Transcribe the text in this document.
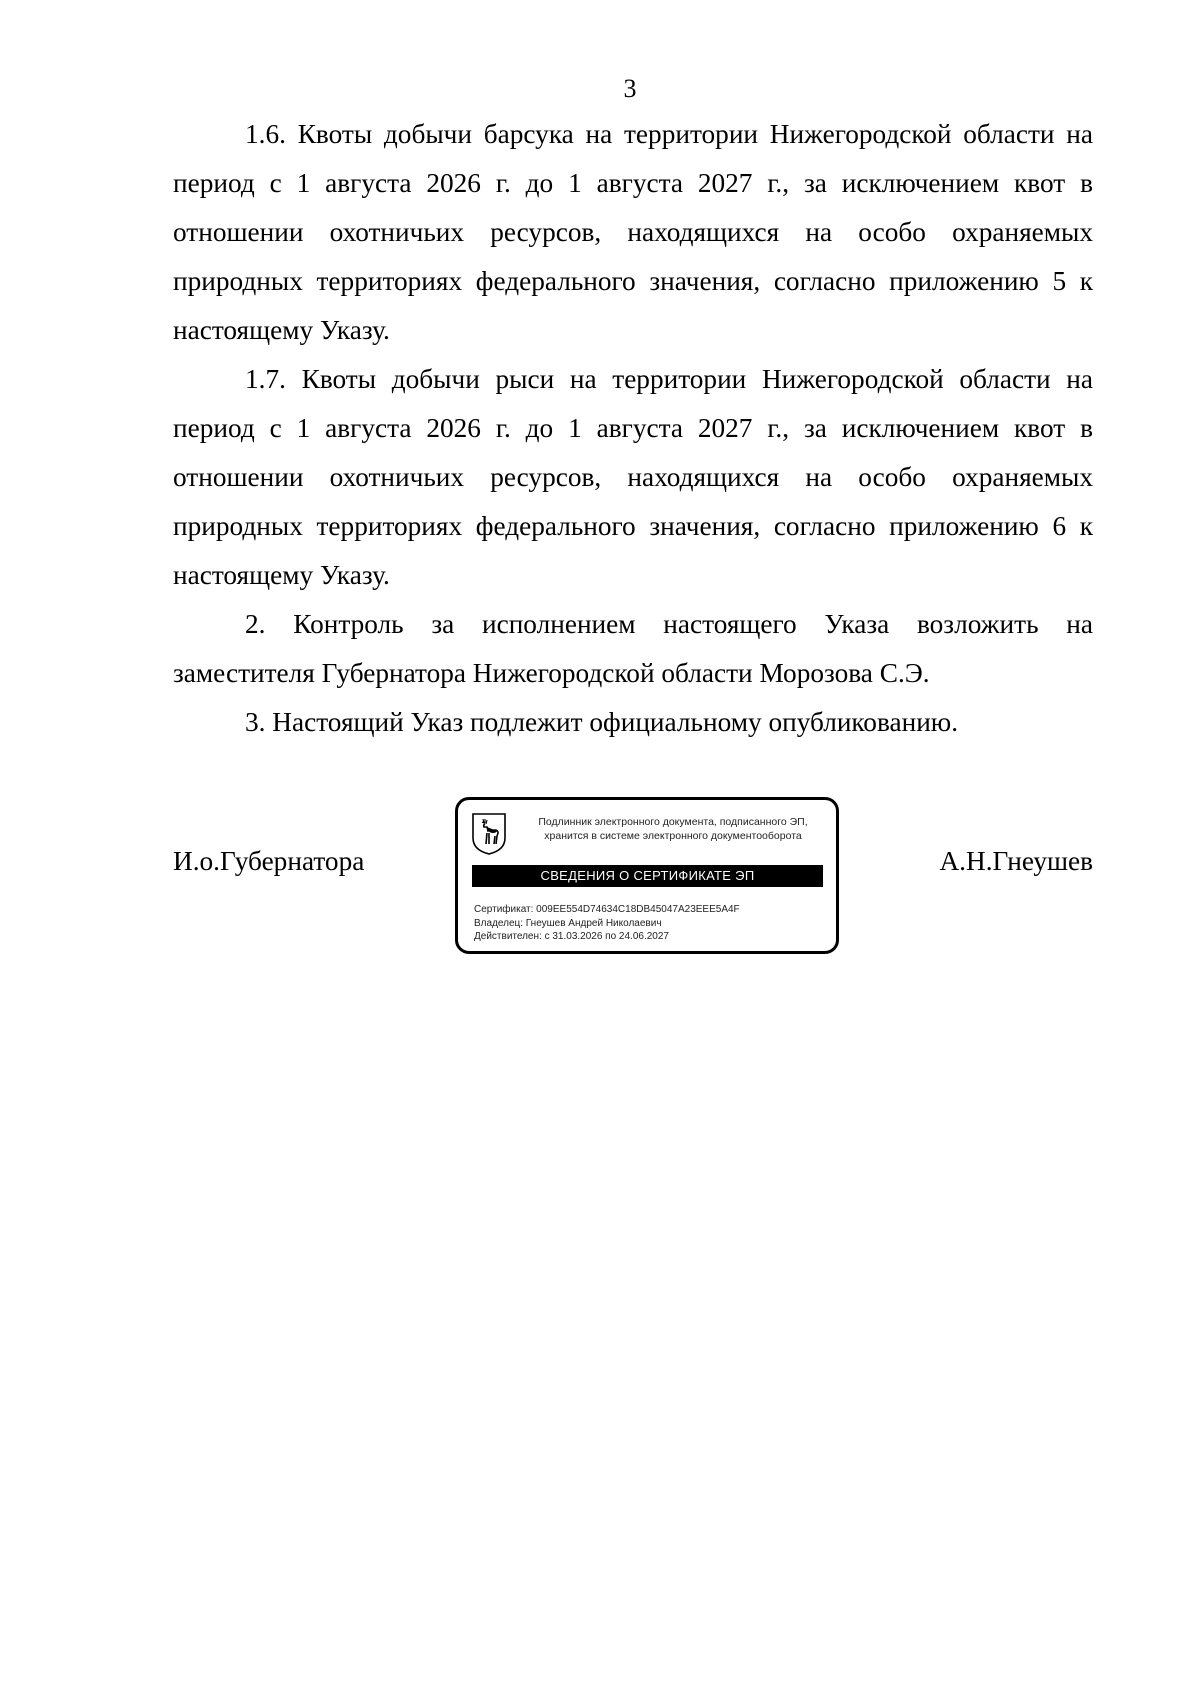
3

1.6. Квоты добычи барсука на территории Нижегородской области на период с 1 августа 2026 г. до 1 августа 2027 г., за исключением квот в отношении охотничьих ресурсов, находящихся на особо охраняемых природных территориях федерального значения, согласно приложению 5 к настоящему Указу.

1.7. Квоты добычи рыси на территории Нижегородской области на период с 1 августа 2026 г. до 1 августа 2027 г., за исключением квот в отношении охотничьих ресурсов, находящихся на особо охраняемых природных территориях федерального значения, согласно приложению 6 к настоящему Указу.

2. Контроль за исполнением настоящего Указа возложить на заместителя Губернатора Нижегородской области Морозова С.Э.

3. Настоящий Указ подлежит официальному опубликованию.

И.о.Губернатора	А.Н.Гнеушев
Подлинник электронного документа, подписанного ЭП,
хранится в системе электронного документооборота
СВЕДЕНИЯ О СЕРТИФИКАТЕ ЭП
Сертификат: 009EE554D74634C18DB45047A23EEE5A4F
Владелец: Гнеушев Андрей Николаевич
Действителен: с 31.03.2026 по 24.06.2027
